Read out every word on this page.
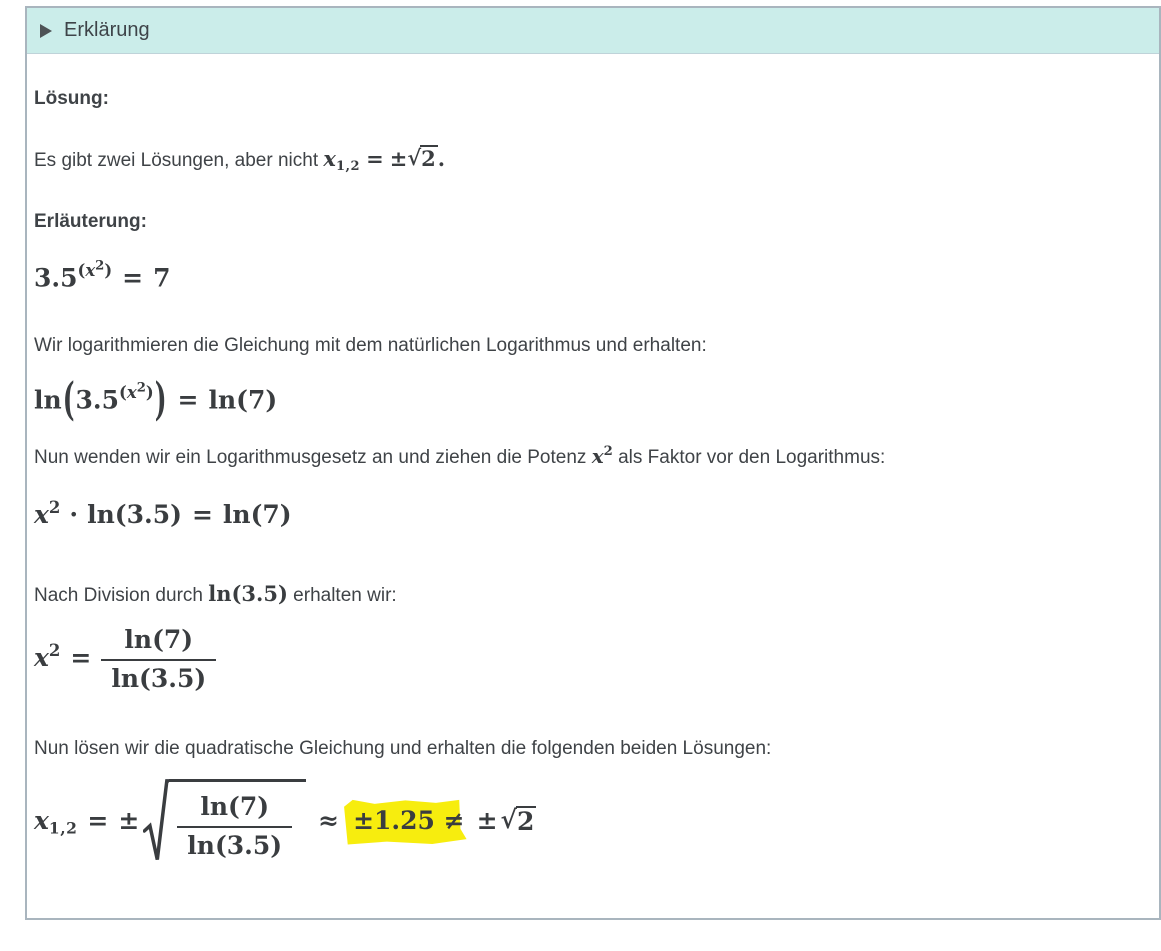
Erklärung

Lösung:

Es gibt zwei Lösungen, aber nicht $x_{1,2}$ = ± √ 2 .

Erläuterung:

$3.5^{(x^2)} = 7$

Wir logarithmieren die Gleichung mit dem natürlichen Logarithmus und erhalten:

$\ln(3.5^{(x^2)}) = \ln(7)$

Nun wenden wir ein Logarithmusgesetz an und ziehen die Potenz $x^2$ als Faktor vor den Logarithmus:

$x^2 \cdot \ln(3.5) = \ln(7)$

Nach Division durch ln(3.5) erhalten wir:

$x^2 = \frac{\ln(7)}{\ln(3.5)}$

Nun lösen wir die quadratische Gleichung und erhalten die folgenden beiden Lösungen:

$x_{1,2}$ = ± $\frac{\ln(7)}{\ln(3.5)} \approx \pm 1.25$ ≠ ± √ 2
